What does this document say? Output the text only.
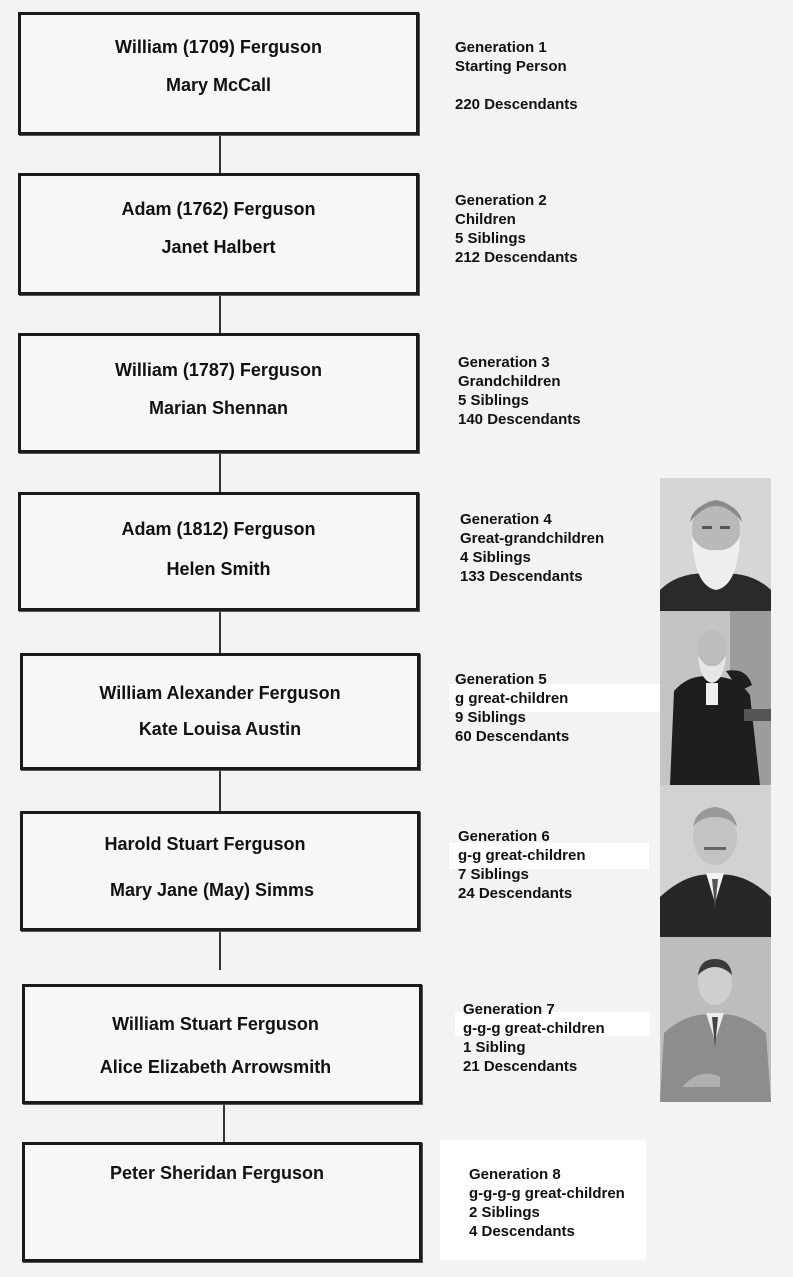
William (1709) Ferguson
Mary McCall
Generation 1
Starting Person
220 Descendants
Adam (1762) Ferguson
Janet Halbert
Generation 2
Children
5 Siblings
212 Descendants
William (1787) Ferguson
Marian Shennan
Generation 3
Grandchildren
5 Siblings
140 Descendants
Adam (1812) Ferguson
Helen Smith
Generation 4
Great-grandchildren
4 Siblings
133 Descendants
William Alexander Ferguson
Kate Louisa Austin
Generation 5
g great-children
9 Siblings
60 Descendants
Harold Stuart Ferguson
Mary Jane (May) Simms
Generation 6
g-g great-children
7 Siblings
24 Descendants
William Stuart Ferguson
Alice Elizabeth Arrowsmith
Generation 7
g-g-g great-children
1 Sibling
21 Descendants
Peter Sheridan Ferguson	Generation 8
g-g-g-g great-children
2 Siblings
4 Descendants
